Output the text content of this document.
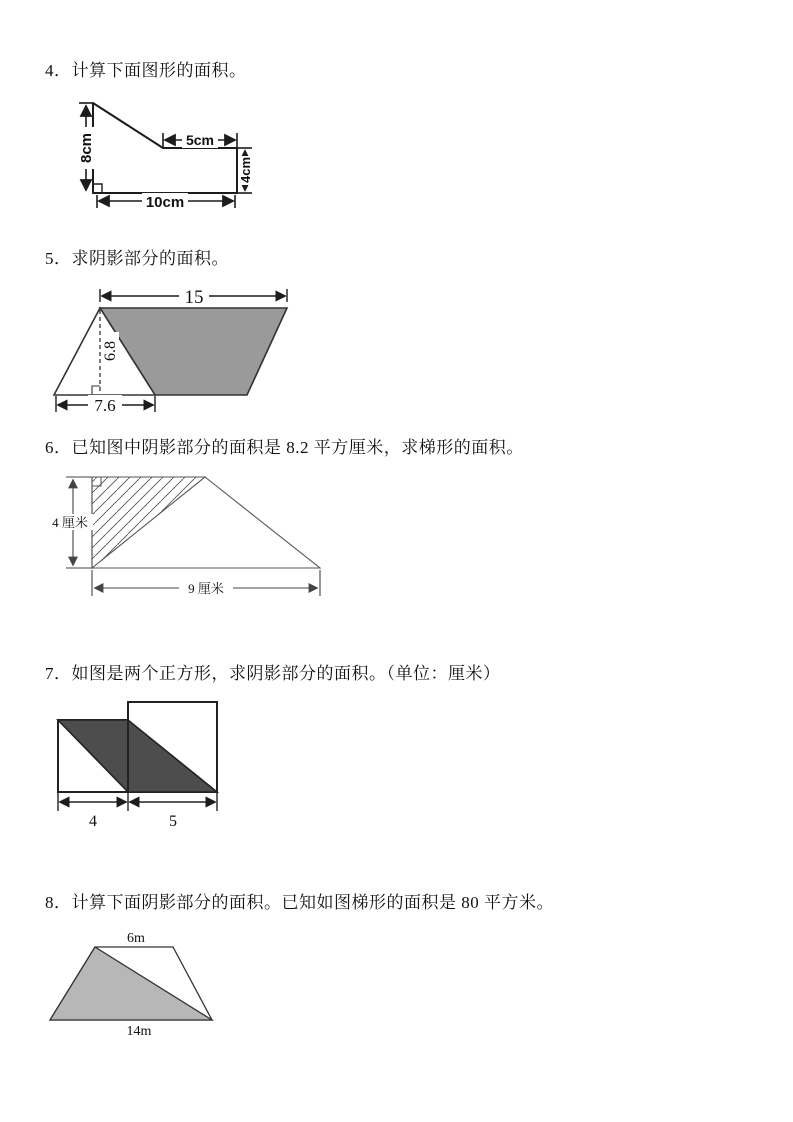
4．计算下面图形的面积。
8cm	5cm
4cm
10cm
5．求阴影部分的面积。
6.8
15
7.6
6．已知图中阴影部分的面积是 8.2 平方厘米，求梯形的面积。
4 厘米
9 厘米
7．如图是两个正方形，求阴影部分的面积。（单位：厘米）
4	5
8．计算下面阴影部分的面积。已知如图梯形的面积是 80 平方米。
6m
14m
